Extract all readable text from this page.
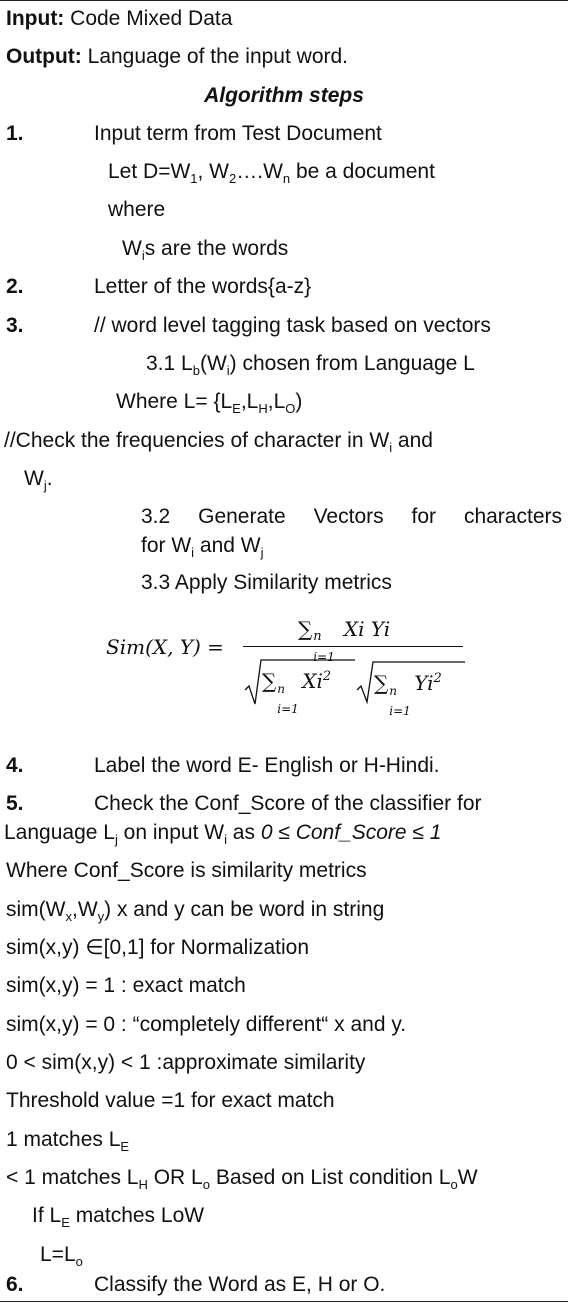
Input: Code Mixed Data
Output: Language of the input word.
Algorithm steps
1.	Input term from Test Document
Let $D=W_1$, $W_2\dots.W_n$ be a document
where
$W_is$ are the words
2.	Letter of the words{a-z}
3.	// word level tagging task based on vectors
3.1 $L_b(W_i)$ chosen from Language L
Where $L= \{L_E,L_H,L_O)$
//Check the frequencies of character in $W_i$ and
$W_j$.
3.2 Generate Vectors for characters
for $W_i$ and $W_j$
3.3 Apply Similarity metrics
Sim(X, Y) =
∑ n
i=1
Xi Yi
∑ n
i=1
Xi$^2$ ∑ n
i=1
Yi$^2$
4.	Label the word E- English or H-Hindi.
5.	Check the Conf_Score of the classifier for
Language $L_j$ on input $W_i$ as 0 ≤ Conf_Score ≤ 1
Where Conf_Score is similarity metrics
$sim(W_x,W_y)$ x and y can be word in string
sim(x,y) ∈[0,1] for Normalization
sim(x,y) = 1 : exact match
sim(x,y) = 0 : “completely different“ x and y.
0 < sim(x,y) < 1 :approximate similarity
Threshold value =1 for exact match
1 matches $L_E$
< 1 matches $L_H$ OR $L_o$ Based on List condition $L_oW$
If $L_E$ matches LoW
$L=L_o$
6.	Classify the Word as E, H or O.
